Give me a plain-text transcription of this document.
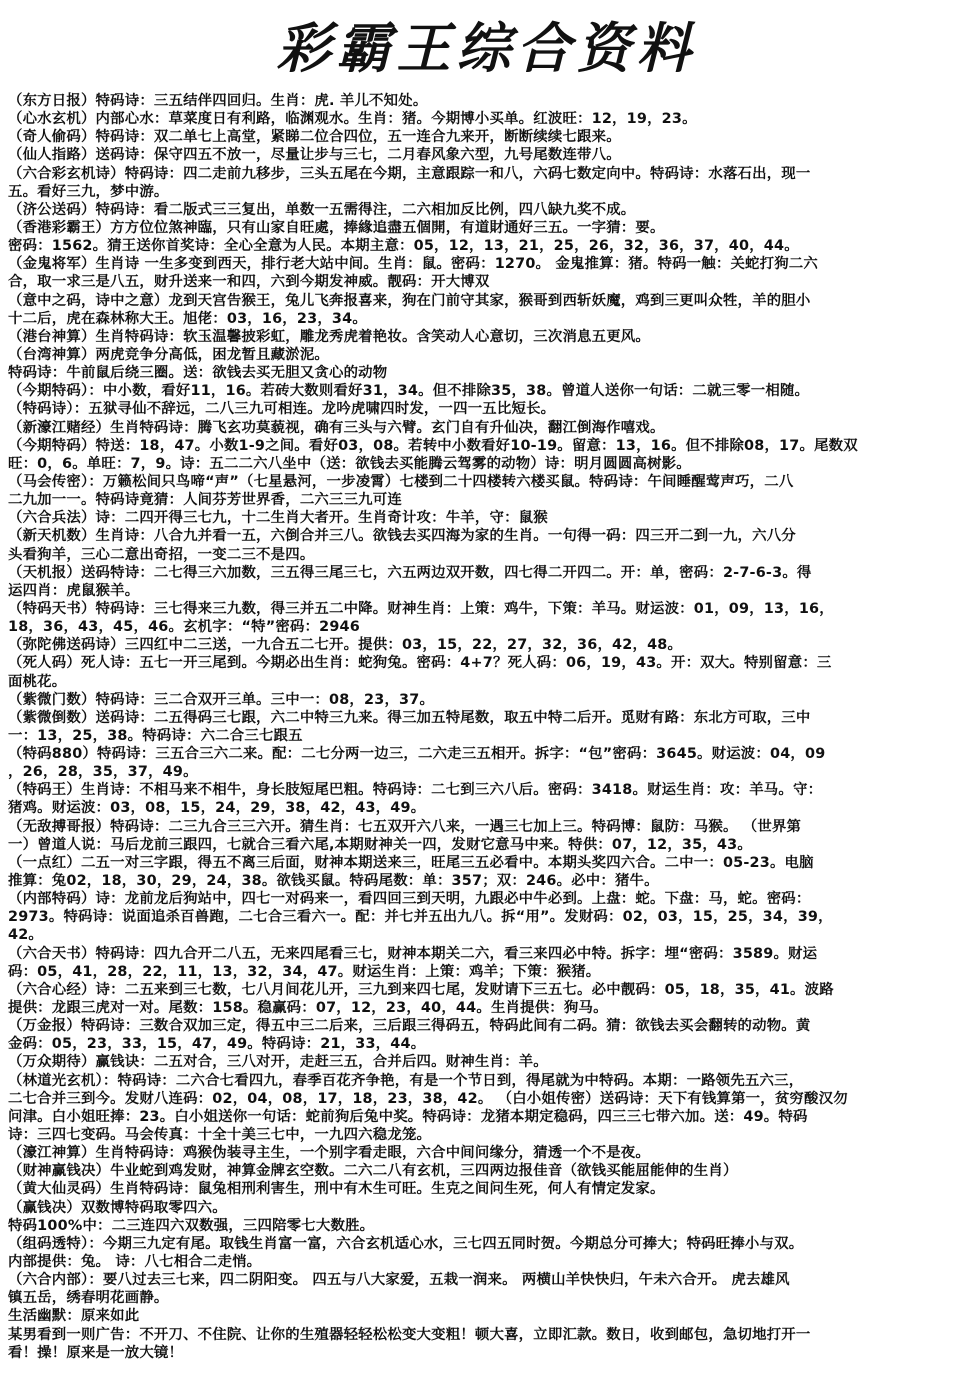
彩霸王综合资料
（东方日报）特码诗：三五结伴四回归。生肖：虎. 羊儿不知处。
（心水玄机）内部心水：草菜度日有利路，临渊观水。生肖：猪。今期博小买单。红波旺：12，19，23。
（奇人偷码）特码诗：双二单七上高堂，紧睇二位合四位，五一连合九来开，断断续续七跟来。
（仙人指路）送码诗：保守四五不放一，尽量让步与三七，二月春风象六型，九号尾数连带八。
（六合彩玄机诗）特码诗：四二走前九移步，三头五尾在今期，主意跟踪一和八，六码七数定向中。特码诗：水落石出，现一
五。看好三九，梦中游。
（济公送码）特码诗：看二版式三三复出，单数一五需得注，二六相加反比例，四八缺九奖不成。
（香港彩霸王）方方位位煞神臨，只有山家自旺處，捧緣追盡五個開，有道財通好三五。一字猜：要。
密码：1562。猜王送你首奖诗：全心全意为人民。本期主意：05，12，13，21，25，26，32，36，37，40，44。
（金鬼将军）生肖诗 一生多变到西天，排行老大站中间。生肖：鼠。密码：1270。 金鬼推算：猪。特码一触：关蛇打狗二六
合，取一求三是八五，财升送来一和四，六到今期发神威。靓码：开大博双
（意中之码，诗中之意）龙到天宫告猴王，兔儿飞奔报喜来，狗在门前守其家，猴哥到西斩妖魔，鸡到三更叫众牲，羊的胆小
十二后，虎在森林称大王。旭佬：03，16，23，34。
（港台神算）生肖特码诗：软玉温馨披彩虹，雕龙秀虎着艳妆。含笑动人心意切，三次消息五更风。
（台湾神算）两虎竞争分高低，困龙暂且藏淤泥。
特码诗：牛前鼠后绕三圈。送：欲钱去买无胆又贪心的动物
（今期特码）：中小数，看好11，16。若砖大数则看好31，34。但不排除35，38。曾道人送你一句话：二就三零一相随。
（特码诗）：五狱寻仙不辞远，二八三九可相连。龙吟虎啸四时发，一四一五比短长。
（新濠江赌经）生肖特码诗：腾飞玄功莫藐视，确有三头与六臂。玄门自有升仙决，翻江倒海作嘻戏。
（今期特码）特送：18，47。小数1-9之间。看好03，08。若转中小数看好10-19。留意：13，16。但不排除08，17。尾数双
旺：0，6。单旺：7，9。诗：五二二六八坐中（送：欲钱去买能腾云驾雾的动物）诗：明月圆圆高树影。
（马会传密）：万籁松间只鸟啼“声”（七星悬河，一步凌霄）七楼到二十四楼转六楼买鼠。特码诗：午间睡醒莺声巧，二八
二九加一一。特码诗竟猜：人间芬芳世界香，二六三三九可连
（六合兵法）诗：二四开得三七九，十二生肖大者开。生肖奇计攻：牛羊，守：鼠猴
（新天机数）生肖诗：八合九并看一五，六倒合并三八。欲钱去买四海为家的生肖。一句得一码：四三开二到一九，六八分
头看狗羊，三心二意出奇招，一变二三不是四。
（天机报）送码特诗：二七得三六加数，三五得三尾三七，六五两边双开数，四七得二开四二。开：单，密码：2-7-6-3。得
运四肖：虎鼠猴羊。
（特码天书）特码诗：三七得来三九数，得三并五二中降。财神生肖：上策：鸡牛，下策：羊马。财运波：01，09，13，16，
18，36，43，45，46。玄机字：“特”密码：2946
（弥陀佛送码诗）三四红中二三送，一九合五二七开。提供：03，15，22，27，32，36，42，48。
（死人码）死人诗：五七一开三尾到。今期必出生肖：蛇狗兔。密码：4+7？死人码：06，19，43。开：双大。特别留意：三
面桃花。
（紫微门数）特码诗：三二合双开三单。三中一：08，23，37。
（紫微倒数）送码诗：二五得码三七跟，六二中特三九来。得三加五特尾数，取五中特二后开。觅财有路：东北方可取，三中
一：13，25，38。特码诗：六二合三七跟五
（特码880）特码诗：三五合三六二来。配：二七分两一边三，二六走三五相开。拆字：“包”密码：3645。财运波：04，09
，26，28，35，37，49。
（特码王）生肖诗：不相马来不相牛，身长肢短尾巴粗。特码诗：二七到三六八后。密码：3418。财运生肖：攻：羊马。守：
猪鸡。财运波：03，08，15，24，29，38，42，43，49。
（无敌搏哥报）特码诗：二三九合三三六开。猜生肖：七五双开六八来，一遇三七加上三。特码博：鼠防：马猴。 （世界第
一）曾道人说：马后龙前三跟四，七就合三看六尾,本期财神关一四，发财它意马中来。特供：07，12，35，43。
（一点红）二五一对三字跟，得五不离三后面，财神本期送来三，旺尾三五必看中。本期头奖四六合。二中一：05-23。电脑
推算：兔02，18，30，29，24，38。欲钱买鼠。特码尾数：单：357；双：246。必中：猪牛。
（内部特码）诗：龙前龙后狗站中，四七一对码来一，看四回三到天明，九跟必中牛必到。上盘：蛇。下盘：马，蛇。密码：
2973。特码诗：说面追杀百兽跑，二七合三看六一。配：并七并五出九八。拆“用”。发财码：02，03，15，25，34，39，
42。
（六合天书）特码诗：四九合开二八五，无来四尾看三七，财神本期关二六，看三来四必中特。拆字：埋“密码：3589。财运
码：05，41，28，22，11，13，32，34，47。财运生肖：上策：鸡羊；下策：猴猪。
（六合心经）诗：二五来到三七数，七八月间花儿开，三九到来四七尾，发财请下三五七。必中靓码：05，18，35，41。波路
提供：龙跟三虎对一对。尾数：158。稳赢码：07，12，23，40，44。生肖提供：狗马。
（万金报）特码诗：三数合双加三定，得五中三二后来，三后跟三得码五，特码此间有二码。猜：欲钱去买会翻转的动物。黄
金码：05，23，33，15，47，49。特码诗：21，33，44。
（万众期待）赢钱诀：二五对合，三八对开，走赶三五，合并后四。财神生肖：羊。
（林道光玄机）：特码诗：二六合七看四九，春季百花齐争艳，有是一个节日到，得尾就为中特码。本期：一路领先五六三，
二七合并三到今。发财八连码：02，04，08，17，18，23，38，42。 （白小姐传密）送码诗：天下有钱算第一，贫穷酸汉勿
问津。白小姐旺捧：23。白小姐送你一句话：蛇前狗后兔中奖。特码诗：龙猪本期定稳码，四三三七带六加。送：49。特码
诗：三四七变码。马会传真：十全十美三七中，一九四六稳龙笼。
（濠江神算）生肖特码诗：鸡猴伪装寻主生，一个别字看走眼，六合中间问缘分，猜透一个不是夜。
（财神赢钱决）牛业蛇到鸡发财，神算金牌玄空数。二六二八有玄机，三四两边报佳音（欲钱买能屈能伸的生肖）
（黄大仙灵码）生肖特码诗：鼠兔相刑利害生，刑中有木生可旺。生克之间问生死，何人有情定发家。
（赢钱决）双数博特码取零四六。
特码100%中：二三连四六双数强，三四陪零七大数胜。
（组码透特）：今期三九定有尾。取钱生肖富一富，六合玄机适心水，三七四五同时贺。今期总分可捧大；特码旺捧小与双。
内部提供：兔。 诗：八七相合二走悄。
（六合内部）：要八过去三七来，四二阴阳变。 四五与八大家爱，五栽一润来。 两横山羊快快归，午未六合开。 虎去雄风
镇五岳，绣春明花画静。
生活幽默：原来如此
某男看到一则广告：不开刀、不住院、让你的生殖器轻轻松松变大变粗！顿大喜，立即汇款。数日，收到邮包，急切地打开一
看！操！原来是一放大镜！
